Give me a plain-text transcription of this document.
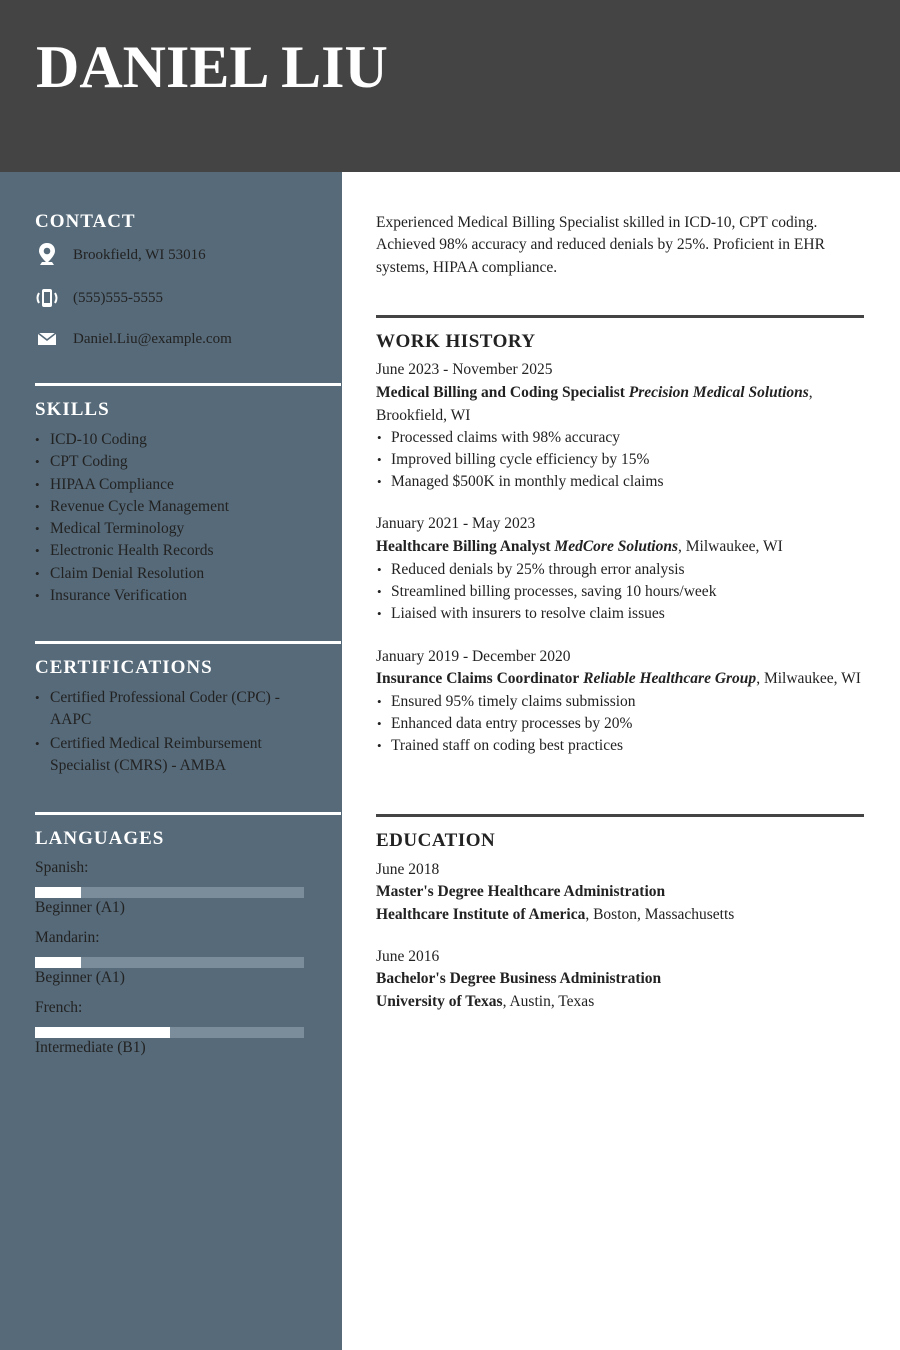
DANIEL LIU
CONTACT
Brookfield, WI 53016
(555)555-5555
Daniel.Liu@example.com
SKILLS
• ICD-10 Coding
• CPT Coding
• HIPAA Compliance
• Revenue Cycle Management
• Medical Terminology
• Electronic Health Records
• Claim Denial Resolution
• Insurance Verification
CERTIFICATIONS
• Certified Professional Coder (CPC) - AAPC
• Certified Medical Reimbursement Specialist (CMRS) - AMBA
LANGUAGES
Spanish:
Beginner (A1)
Mandarin:
Beginner (A1)
French:
Intermediate (B1)
Experienced Medical Billing Specialist skilled in ICD-10, CPT coding. Achieved 98% accuracy and reduced denials by 25%. Proficient in EHR systems, HIPAA compliance.
WORK HISTORY
June 2023 - November 2025
Medical Billing and Coding Specialist Precision Medical Solutions, Brookfield, WI
• Processed claims with 98% accuracy
• Improved billing cycle efficiency by 15%
• Managed $500K in monthly medical claims
January 2021 - May 2023
Healthcare Billing Analyst MedCore Solutions, Milwaukee, WI
• Reduced denials by 25% through error analysis
• Streamlined billing processes, saving 10 hours/week
• Liaised with insurers to resolve claim issues
January 2019 - December 2020
Insurance Claims Coordinator Reliable Healthcare Group, Milwaukee, WI
• Ensured 95% timely claims submission
• Enhanced data entry processes by 20%
• Trained staff on coding best practices
EDUCATION
June 2018
Master's Degree Healthcare Administration
Healthcare Institute of America, Boston, Massachusetts
June 2016
Bachelor's Degree Business Administration
University of Texas, Austin, Texas
